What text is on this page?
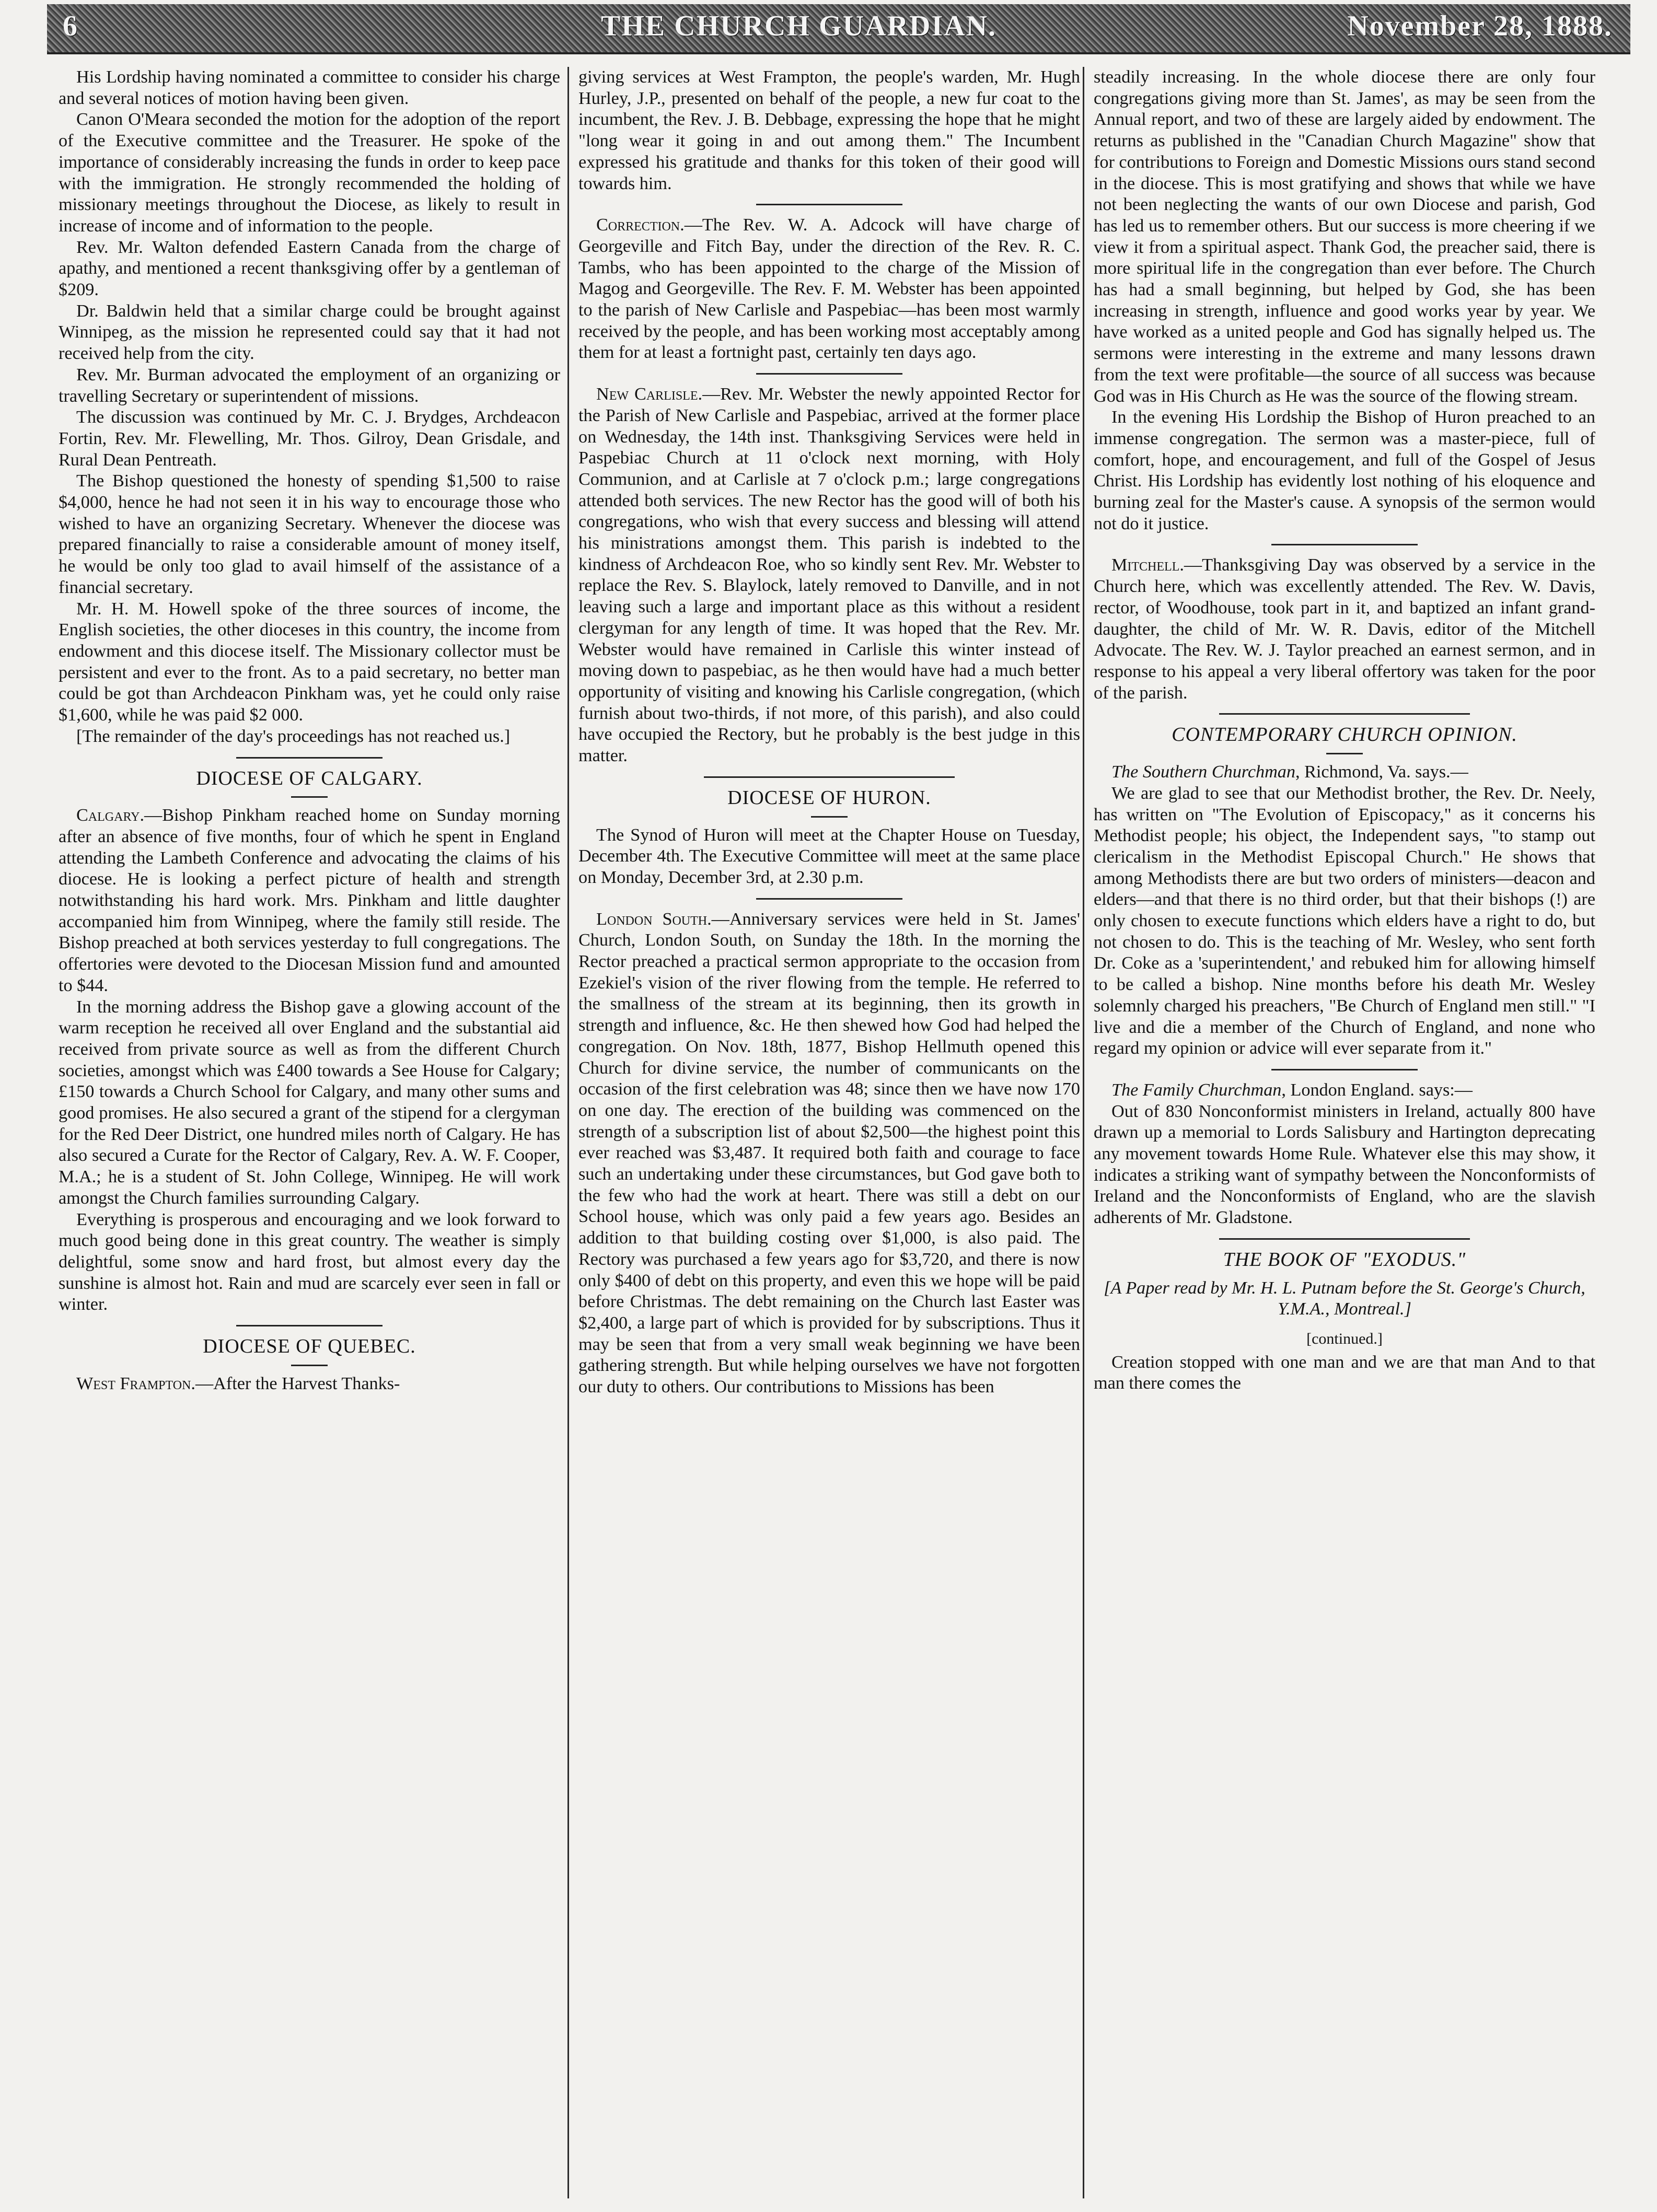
6	THE CHURCH GUARDIAN.	November 28, 1888.

His Lordship having nominated a committee to consider his charge and several notices of motion having been given.

Canon O'Meara seconded the motion for the adoption of the report of the Executive committee and the Treasurer. He spoke of the importance of considerably increasing the funds in order to keep pace with the immigration. He strongly recommended the holding of missionary meetings throughout the Diocese, as likely to result in increase of income and of information to the people.

Rev. Mr. Walton defended Eastern Canada from the charge of apathy, and mentioned a recent thanksgiving offer by a gentleman of $209.

Dr. Baldwin held that a similar charge could be brought against Winnipeg, as the mission he represented could say that it had not received help from the city.

Rev. Mr. Burman advocated the employment of an organizing or travelling Secretary or superintendent of missions.

The discussion was continued by Mr. C. J. Brydges, Archdeacon Fortin, Rev. Mr. Flewelling, Mr. Thos. Gilroy, Dean Grisdale, and Rural Dean Pentreath.

The Bishop questioned the honesty of spending $1,500 to raise $4,000, hence he had not seen it in his way to encourage those who wished to have an organizing Secretary. Whenever the diocese was prepared financially to raise a considerable amount of money itself, he would be only too glad to avail himself of the assistance of a financial secretary.

Mr. H. M. Howell spoke of the three sources of income, the English societies, the other dioceses in this country, the income from endowment and this diocese itself. The Missionary collector must be persistent and ever to the front. As to a paid secretary, no better man could be got than Archdeacon Pinkham was, yet he could only raise $1,600, while he was paid $2 000.

[The remainder of the day's proceedings has not reached us.]

DIOCESE OF CALGARY.

Calgary.—Bishop Pinkham reached home on Sunday morning after an absence of five months, four of which he spent in England attending the Lambeth Conference and advocating the claims of his diocese. He is looking a perfect picture of health and strength notwithstanding his hard work. Mrs. Pinkham and little daughter accompanied him from Winnipeg, where the family still reside. The Bishop preached at both services yesterday to full congregations. The offertories were devoted to the Diocesan Mission fund and amounted to $44.

In the morning address the Bishop gave a glowing account of the warm reception he received all over England and the substantial aid received from private source as well as from the different Church societies, amongst which was £400 towards a See House for Calgary; £150 towards a Church School for Calgary, and many other sums and good promises. He also secured a grant of the stipend for a clergyman for the Red Deer District, one hundred miles north of Calgary. He has also secured a Curate for the Rector of Calgary, Rev. A. W. F. Cooper, M.A.; he is a student of St. John College, Winnipeg. He will work amongst the Church families surrounding Calgary.

Everything is prosperous and encouraging and we look forward to much good being done in this great country. The weather is simply delightful, some snow and hard frost, but almost every day the sunshine is almost hot. Rain and mud are scarcely ever seen in fall or winter.

DIOCESE OF QUEBEC.

West Frampton.—After the Harvest Thanks-

giving services at West Frampton, the people's warden, Mr. Hugh Hurley, J.P., presented on behalf of the people, a new fur coat to the incumbent, the Rev. J. B. Debbage, expressing the hope that he might "long wear it going in and out among them." The Incumbent expressed his gratitude and thanks for this token of their good will towards him.

Correction.—The Rev. W. A. Adcock will have charge of Georgeville and Fitch Bay, under the direction of the Rev. R. C. Tambs, who has been appointed to the charge of the Mission of Magog and Georgeville. The Rev. F. M. Webster has been appointed to the parish of New Carlisle and Paspebiac—has been most warmly received by the people, and has been working most acceptably among them for at least a fortnight past, certainly ten days ago.

New Carlisle.—Rev. Mr. Webster the newly appointed Rector for the Parish of New Carlisle and Paspebiac, arrived at the former place on Wednesday, the 14th inst. Thanksgiving Services were held in Paspebiac Church at 11 o'clock next morning, with Holy Communion, and at Carlisle at 7 o'clock p.m.; large congregations attended both services. The new Rector has the good will of both his congregations, who wish that every success and blessing will attend his ministrations amongst them. This parish is indebted to the kindness of Archdeacon Roe, who so kindly sent Rev. Mr. Webster to replace the Rev. S. Blaylock, lately removed to Danville, and in not leaving such a large and important place as this without a resident clergyman for any length of time. It was hoped that the Rev. Mr. Webster would have remained in Carlisle this winter instead of moving down to paspebiac, as he then would have had a much better opportunity of visiting and knowing his Carlisle congregation, (which furnish about two-thirds, if not more, of this parish), and also could have occupied the Rectory, but he probably is the best judge in this matter.

DIOCESE OF HURON.

The Synod of Huron will meet at the Chapter House on Tuesday, December 4th. The Executive Committee will meet at the same place on Monday, December 3rd, at 2.30 p.m.

London South.—Anniversary services were held in St. James' Church, London South, on Sunday the 18th. In the morning the Rector preached a practical sermon appropriate to the occasion from Ezekiel's vision of the river flowing from the temple. He referred to the smallness of the stream at its beginning, then its growth in strength and influence, &c. He then shewed how God had helped the congregation. On Nov. 18th, 1877, Bishop Hellmuth opened this Church for divine service, the number of communicants on the occasion of the first celebration was 48; since then we have now 170 on one day. The erection of the building was commenced on the strength of a subscription list of about $2,500—the highest point this ever reached was $3,487. It required both faith and courage to face such an undertaking under these circumstances, but God gave both to the few who had the work at heart. There was still a debt on our School house, which was only paid a few years ago. Besides an addition to that building costing over $1,000, is also paid. The Rectory was purchased a few years ago for $3,720, and there is now only $400 of debt on this property, and even this we hope will be paid before Christmas. The debt remaining on the Church last Easter was $2,400, a large part of which is provided for by subscriptions. Thus it may be seen that from a very small weak beginning we have been gathering strength. But while helping ourselves we have not forgotten our duty to others. Our contributions to Missions has been

steadily increasing. In the whole diocese there are only four congregations giving more than St. James', as may be seen from the Annual report, and two of these are largely aided by endowment. The returns as published in the "Canadian Church Magazine" show that for contributions to Foreign and Domestic Missions ours stand second in the diocese. This is most gratifying and shows that while we have not been neglecting the wants of our own Diocese and parish, God has led us to remember others. But our success is more cheering if we view it from a spiritual aspect. Thank God, the preacher said, there is more spiritual life in the congregation than ever before. The Church has had a small beginning, but helped by God, she has been increasing in strength, influence and good works year by year. We have worked as a united people and God has signally helped us. The sermons were interesting in the extreme and many lessons drawn from the text were profitable—the source of all success was because God was in His Church as He was the source of the flowing stream.

In the evening His Lordship the Bishop of Huron preached to an immense congregation. The sermon was a master-piece, full of comfort, hope, and encouragement, and full of the Gospel of Jesus Christ. His Lordship has evidently lost nothing of his eloquence and burning zeal for the Master's cause. A synopsis of the sermon would not do it justice.

Mitchell.—Thanksgiving Day was observed by a service in the Church here, which was excellently attended. The Rev. W. Davis, rector, of Woodhouse, took part in it, and baptized an infant grand-daughter, the child of Mr. W. R. Davis, editor of the Mitchell Advocate. The Rev. W. J. Taylor preached an earnest sermon, and in response to his appeal a very liberal offertory was taken for the poor of the parish.

CONTEMPORARY CHURCH OPINION.

The Southern Churchman, Richmond, Va. says.—

We are glad to see that our Methodist brother, the Rev. Dr. Neely, has written on "The Evolution of Episcopacy," as it concerns his Methodist people; his object, the Independent says, "to stamp out clericalism in the Methodist Episcopal Church." He shows that among Methodists there are but two orders of ministers—deacon and elders—and that there is no third order, but that their bishops (!) are only chosen to execute functions which elders have a right to do, but not chosen to do. This is the teaching of Mr. Wesley, who sent forth Dr. Coke as a 'superintendent,' and rebuked him for allowing himself to be called a bishop. Nine months before his death Mr. Wesley solemnly charged his preachers, "Be Church of England men still." "I live and die a member of the Church of England, and none who regard my opinion or advice will ever separate from it."

The Family Churchman, London England. says:—

Out of 830 Nonconformist ministers in Ireland, actually 800 have drawn up a memorial to Lords Salisbury and Hartington deprecating any movement towards Home Rule. Whatever else this may show, it indicates a striking want of sympathy between the Nonconformists of Ireland and the Nonconformists of England, who are the slavish adherents of Mr. Gladstone.

THE BOOK OF "EXODUS."
[A Paper read by Mr. H. L. Putnam before the St. George's Church, Y.M.A., Montreal.]
[continued.]

Creation stopped with one man and we are that man And to that man there comes the
